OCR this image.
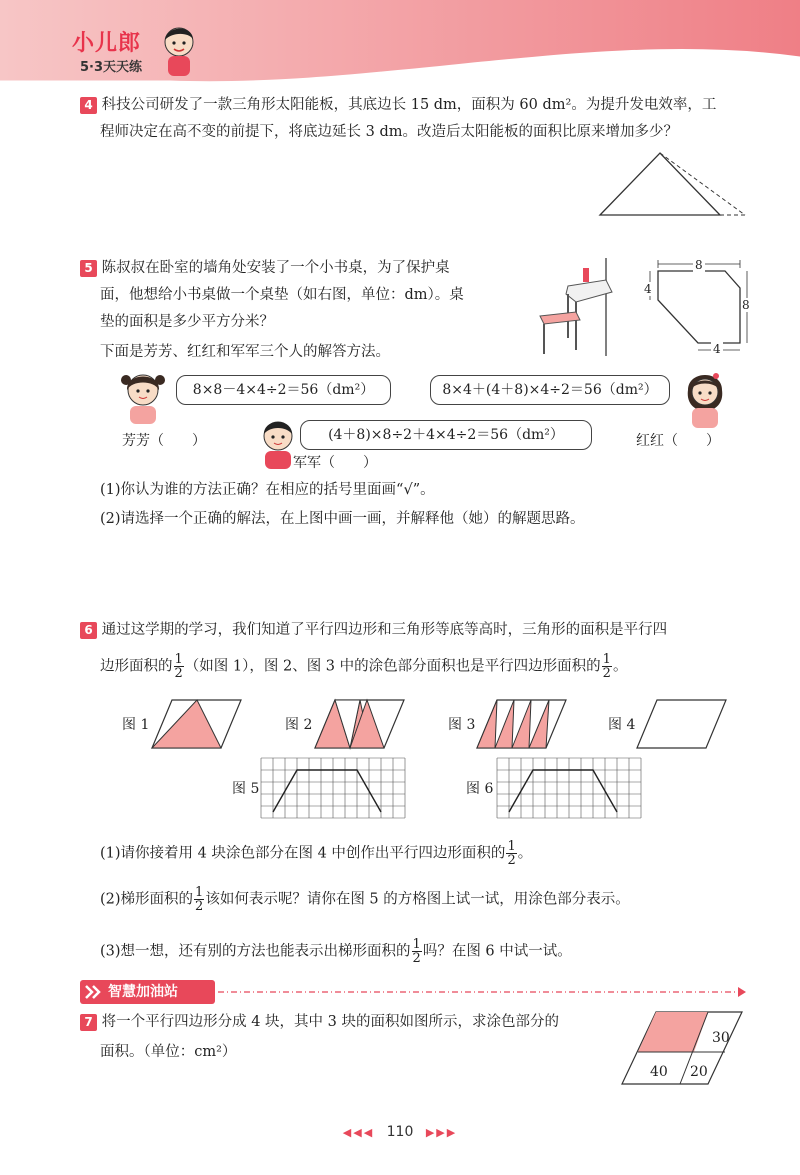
小儿郎
5·3天天练
4 科技公司研发了一款三角形太阳能板，其底边长 15 dm，面积为 60 dm²。为提升发电效率，工
程师决定在高不变的前提下，将底边延长 3 dm。改造后太阳能板的面积比原来增加多少？
5 陈叔叔在卧室的墙角处安装了一个小书桌，为了保护桌
面，他想给小书桌做一个桌垫（如右图，单位：dm）。桌
垫的面积是多少平方分米？
下面是芳芳、红红和军军三个人的解答方法。
8
4
8
4
8×8－4×4÷2＝56（dm²）
芳芳（　　）
8×4＋(4＋8)×4÷2＝56（dm²）
红红（　　）
(4＋8)×8÷2＋4×4÷2＝56（dm²）
军军（　　）
(1)你认为谁的方法正确？在相应的括号里面画“√”。
(2)请选择一个正确的解法，在上图中画一画，并解释他（她）的解题思路。
6 通过这学期的学习，我们知道了平行四边形和三角形等底等高时，三角形的面积是平行四
边形面积的 $\frac{1}{2}$ （如图 1），图 2、图 3 中的涂色部分面积也是平行四边形面积的 $\frac{1}{2}$ 。
图 1	图 2	图 3	图 4
图 5	图 6
(1)请你接着用 4 块涂色部分在图 4 中创作出平行四边形面积的 $\frac{1}{2}$ 。
(2)梯形面积的 $\frac{1}{2}$ 该如何表示呢？请你在图 5 的方格图上试一试，用涂色部分表示。
(3)想一想，还有别的方法也能表示出梯形面积的 $\frac{1}{2}$ 吗？在图 6 中试一试。
智慧加油站
7 将一个平行四边形分成 4 块，其中 3 块的面积如图所示，求涂色部分的
面积。（单位：cm²）
30
40 20
◀◀◀ 110 ▶▶▶
